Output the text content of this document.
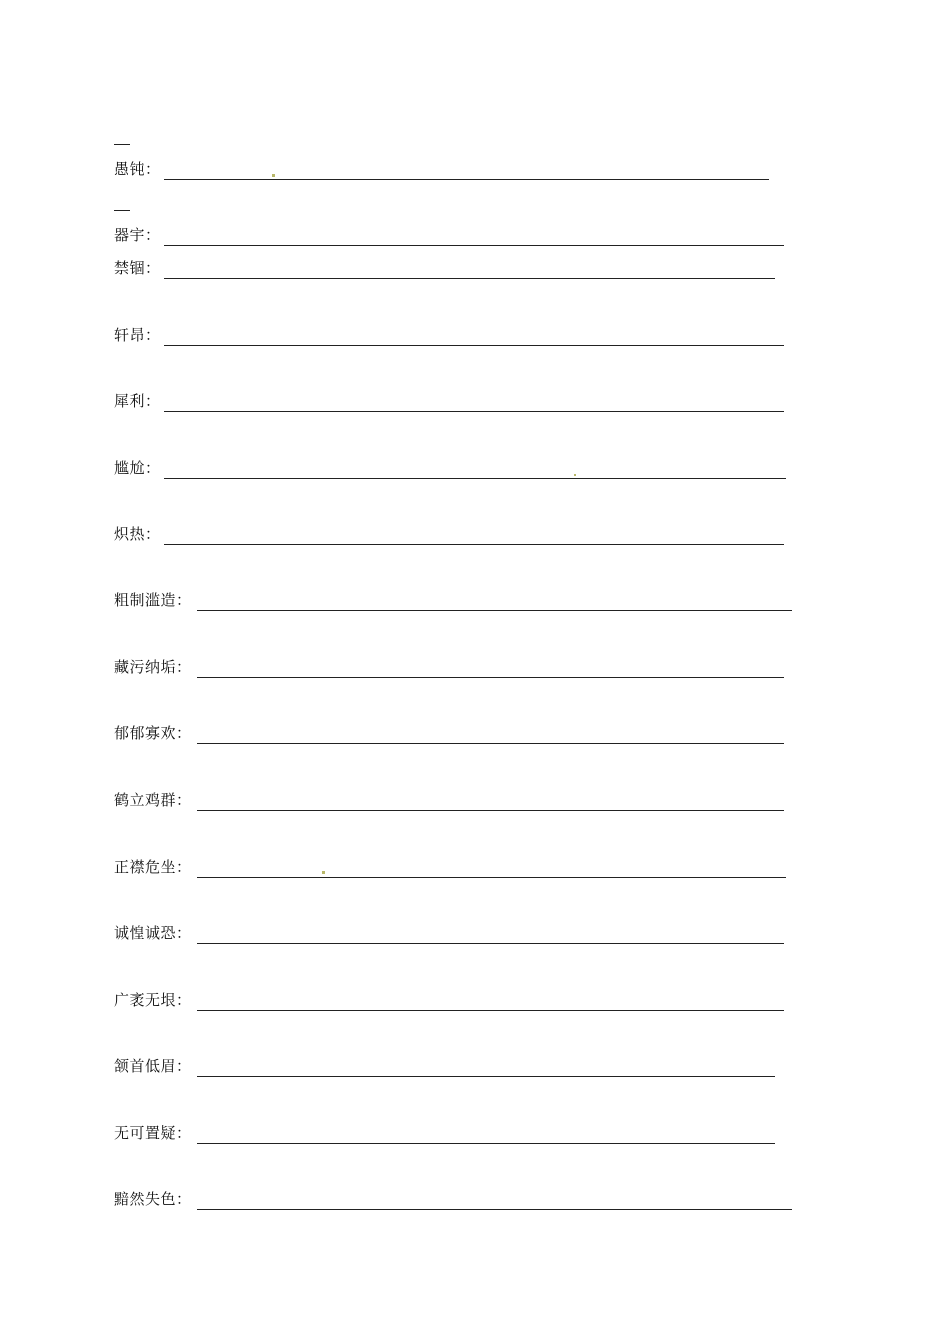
愚钝：
器宇：
禁锢：
轩昂：
犀利：
尴尬：
炽热：
粗制滥造：
藏污纳垢：
郁郁寡欢：
鹤立鸡群：
正襟危坐：
诚惶诚恐：
广袤无垠：
颔首低眉：
无可置疑：
黯然失色：
